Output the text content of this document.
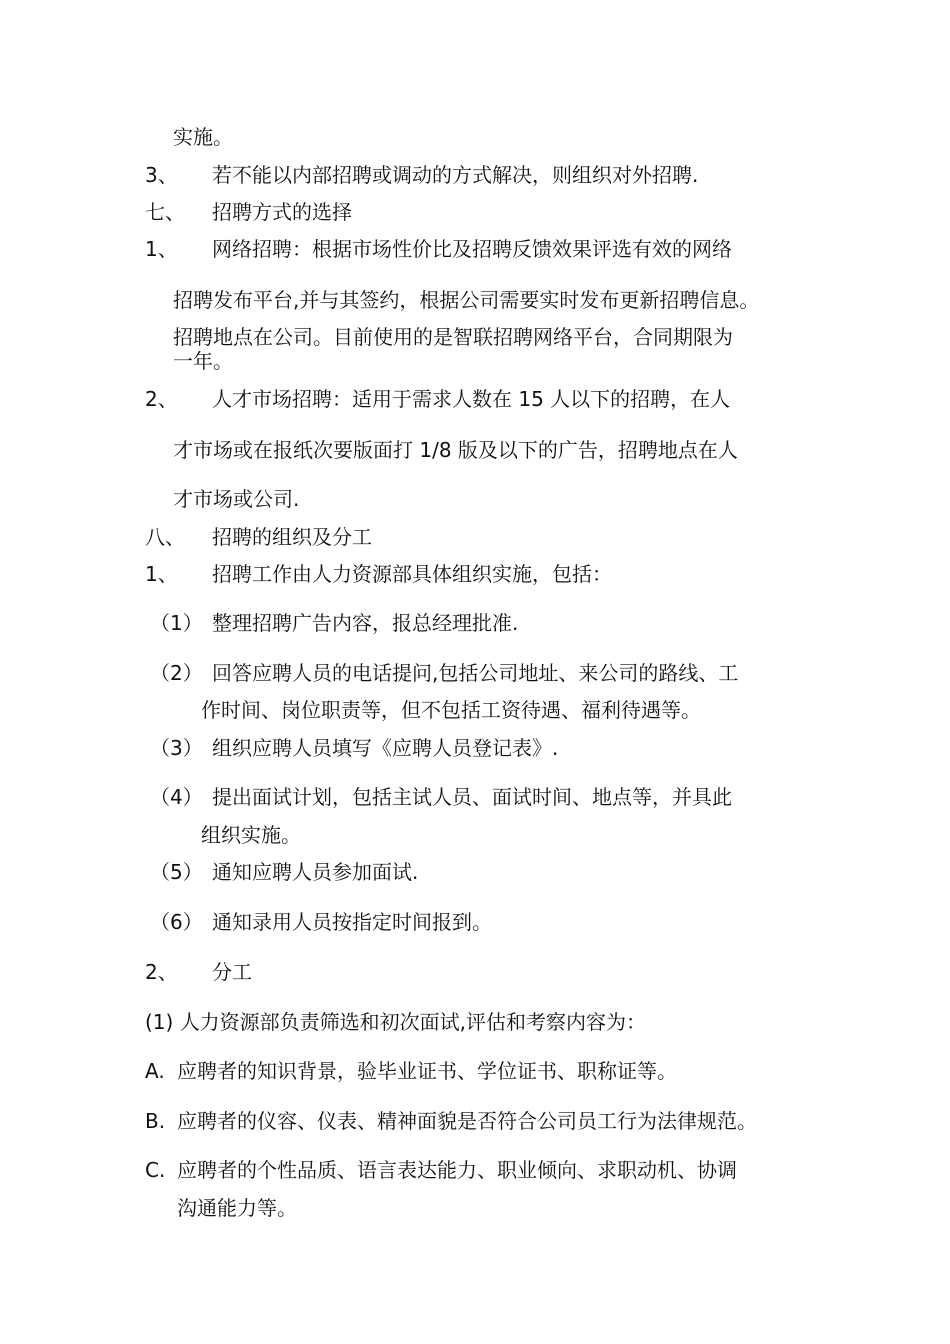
实施。
3、 若不能以内部招聘或调动的方式解决，则组织对外招聘.
七、 招聘方式的选择
1、 网络招聘：根据市场性价比及招聘反馈效果评选有效的网络
招聘发布平台,并与其签约，根据公司需要实时发布更新招聘信息。
招聘地点在公司。目前使用的是智联招聘网络平台，合同期限为
一年。
2、 人才市场招聘：适用于需求人数在 15 人以下的招聘，在人
才市场或在报纸次要版面打 1/8 版及以下的广告，招聘地点在人
才市场或公司.
八、 招聘的组织及分工
1、 招聘工作由人力资源部具体组织实施，包括：
（1） 整理招聘广告内容，报总经理批准.
（2） 回答应聘人员的电话提问,包括公司地址、来公司的路线、工
作时间、岗位职责等，但不包括工资待遇、福利待遇等。
（3） 组织应聘人员填写《应聘人员登记表》.
（4） 提出面试计划，包括主试人员、面试时间、地点等，并具此
组织实施。
（5） 通知应聘人员参加面试.
（6） 通知录用人员按指定时间报到。
2、 分工
(1) 人力资源部负责筛选和初次面试,评估和考察内容为：
A. 应聘者的知识背景，验毕业证书、学位证书、职称证等。
B. 应聘者的仪容、仪表、精神面貌是否符合公司员工行为法律规范。
C. 应聘者的个性品质、语言表达能力、职业倾向、求职动机、协调
沟通能力等。
